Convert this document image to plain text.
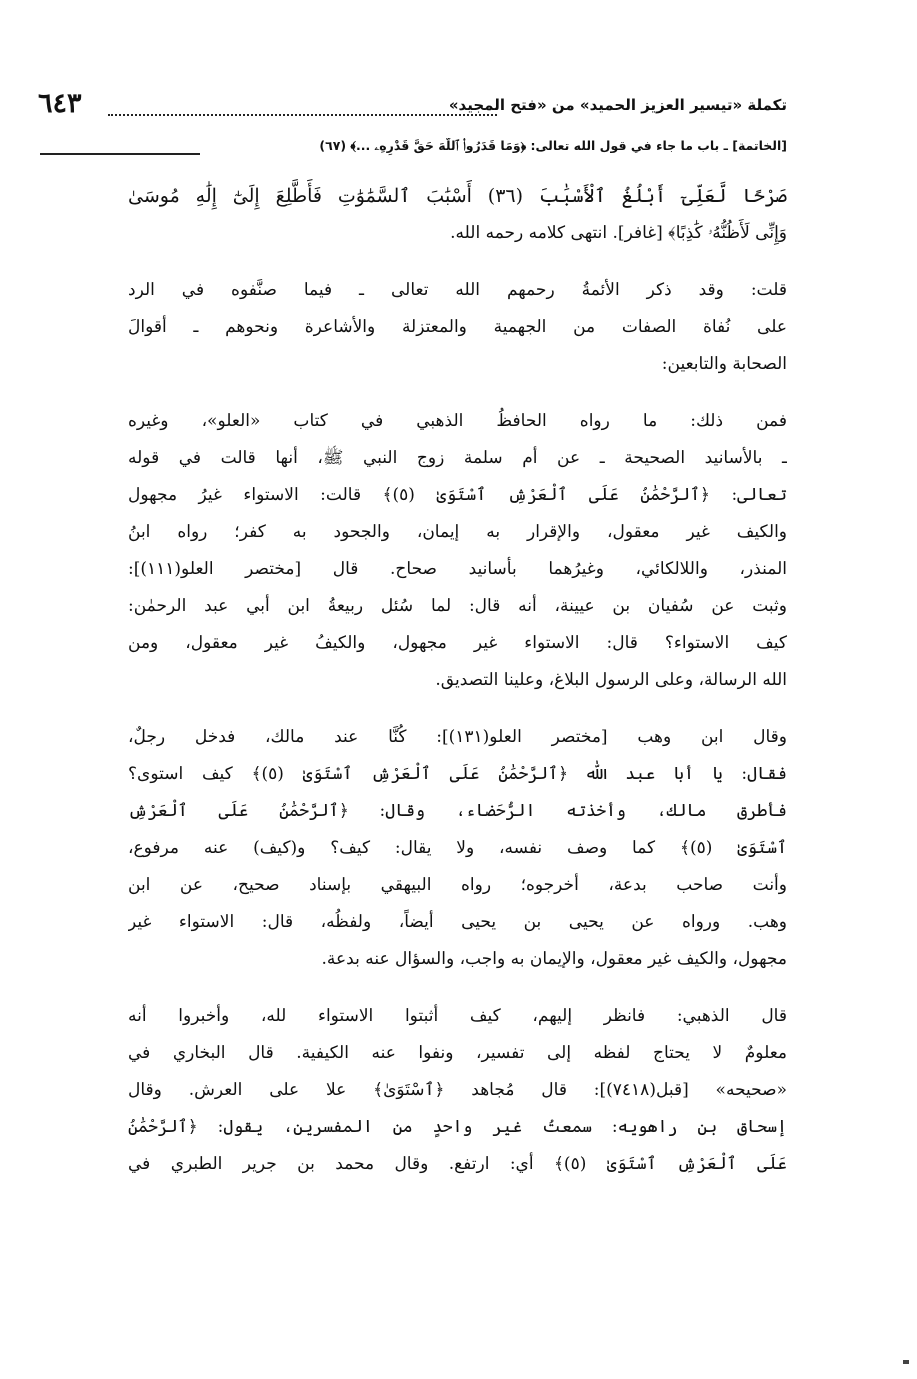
تكملة «تيسير العزيز الحميد» من «فتح المجيد»
٦٤٣
[الخاتمة] ـ باب ما جاء في قول الله تعالى: ﴿وَمَا قَدَرُوا۟ ٱللَّهَ حَقَّ قَدْرِهِۦ ...﴾ (٦٧)

صَرْحًا لَّعَلِّىٓ أَبْلُغُ ٱلْأَسْبَٰبَ (٣٦) أَسْبَٰبَ ٱلسَّمَٰوَٰتِ فَأَطَّلِعَ إِلَىٰٓ إِلَٰهِ مُوسَىٰ
وَإِنِّى لَأَظُنُّهُۥ كَٰذِبًا﴾ [غافر]. انتهى كلامه رحمه الله.

قلت: وقد ذكر الأئمةُ رحمهم الله تعالى ـ فيما صنَّفوه في الرد
على نُفاة الصفات من الجهمية والمعتزلة والأشاعرة ونحوهم ـ أقوالَ
الصحابة والتابعين:

فمن ذلك: ما رواه الحافظُ الذهبي في كتاب «العلو»، وغيره
ـ بالأسانيد الصحيحة ـ عن أم سلمة زوج النبي ﷺ، أنها قالت في قوله
تعالى: ﴿ٱلرَّحْمَٰنُ عَلَى ٱلْعَرْشِ ٱسْتَوَىٰ (٥)﴾ قالت: الاستواء غيرُ مجهول
والكيف غير معقول، والإقرار به إيمان، والجحود به كفر؛ رواه ابنُ
المنذر، واللالكائي، وغيرُهما بأسانيد صحاح. قال [مختصر العلو(١١١)]:
وثبت عن سُفيان بن عيينة، أنه قال: لما سُئل ربيعةُ ابن أبي عبد الرحمٰن:
كيف الاستواء؟ قال: الاستواء غير مجهول، والكيفُ غير معقول، ومن
الله الرسالة، وعلى الرسول البلاغ، وعلينا التصديق.

وقال ابن وهب [مختصر العلو(١٣١)]: كُنَّا عند مالك، فدخل رجلٌ،
فقال: يا أبا عبد اللّٰه ﴿ٱلرَّحْمَٰنُ عَلَى ٱلْعَرْشِ ٱسْتَوَىٰ (٥)﴾ كيف استوى؟
فأطرق مالك، وأخذته الرُّحَضاء، وقال: ﴿ٱلرَّحْمَٰنُ عَلَى ٱلْعَرْشِ
ٱسْتَوَىٰ (٥)﴾ كما وصف نفسه، ولا يقال: كيف؟ و(كيف) عنه مرفوع،
وأنت صاحب بدعة، أخرجوه؛ رواه البيهقي بإسناد صحيح، عن ابن
وهب. ورواه عن يحيى بن يحيى أيضاً، ولفظُه، قال: الاستواء غير
مجهول، والكيف غير معقول، والإيمان به واجب، والسؤال عنه بدعة.

قال الذهبي: فانظر إليهم، كيف أثبتوا الاستواء لله، وأخبروا أنه
معلومٌ لا يحتاج لفظه إلى تفسير، ونفوا عنه الكيفية. قال البخاري في
«صحيحه» [قبل(٧٤١٨)]: قال مُجاهد ﴿ٱسْتَوَىٰ﴾ علا على العرش. وقال
إسحاق بن راهويه: سمعتُ غير واحدٍ من المفسرين، يقول: ﴿ٱلرَّحْمَٰنُ
عَلَى ٱلْعَرْشِ ٱسْتَوَىٰ (٥)﴾ أي: ارتفع. وقال محمد بن جرير الطبري في
